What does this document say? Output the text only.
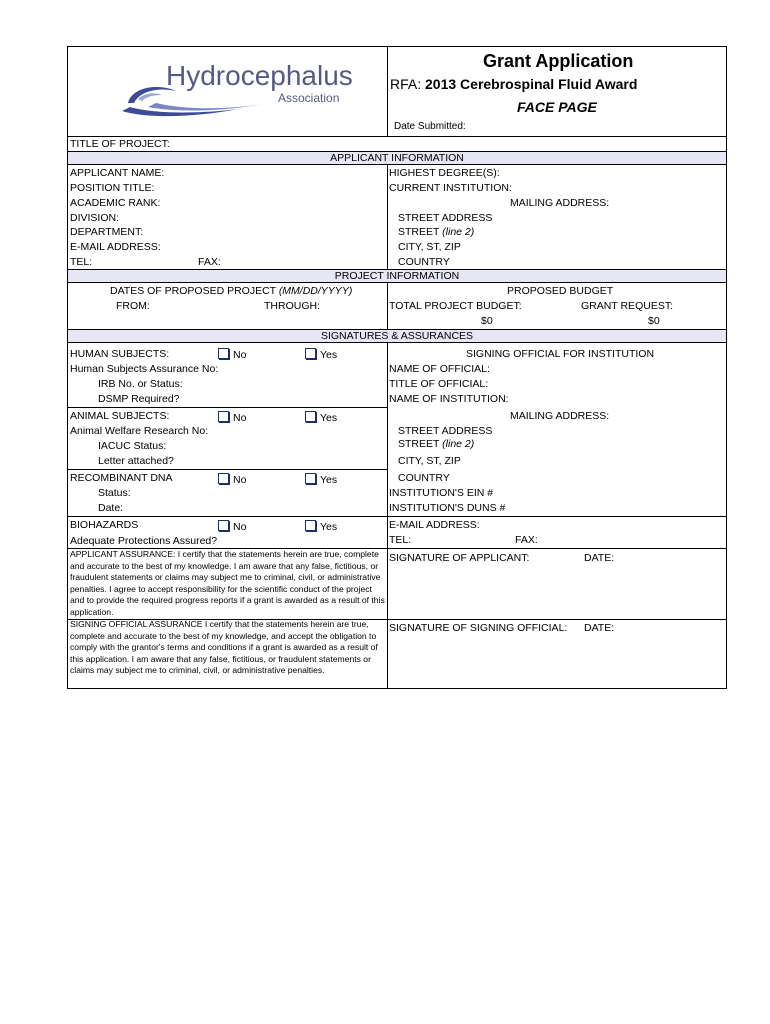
Hydrocephalus
Association
Grant Application
RFA: 2013 Cerebrospinal Fluid Award
FACE PAGE
Date Submitted:
TITLE OF PROJECT:
APPLICANT INFORMATION
APPLICANT NAME:
POSITION TITLE:
ACADEMIC RANK:
DIVISION:
DEPARTMENT:
E-MAIL ADDRESS:
TEL:	FAX:
HIGHEST DEGREE(S):
CURRENT INSTITUTION:
MAILING ADDRESS:
STREET ADDRESS
STREET (line 2)
CITY, ST, ZIP
COUNTRY
PROJECT INFORMATION
DATES OF PROPOSED PROJECT (MM/DD/YYYY)
FROM:	THROUGH:
PROPOSED BUDGET
TOTAL PROJECT BUDGET:	GRANT REQUEST:
$0	$0
SIGNATURES & ASSURANCES
HUMAN SUBJECTS:	No	Yes
Human Subjects Assurance No:
IRB No. or Status:
DSMP Required?
ANIMAL SUBJECTS:	No	Yes
Animal Welfare Research No:
IACUC Status:
Letter attached?
RECOMBINANT DNA	No	Yes
Status:
Date:
BIOHAZARDS	No	Yes
Adequate Protections Assured?
SIGNING OFFICIAL FOR INSTITUTION
NAME OF OFFICIAL:
TITLE OF OFFICIAL:
NAME OF INSTITUTION:
MAILING ADDRESS:
STREET ADDRESS
STREET (line 2)
CITY, ST, ZIP
COUNTRY
INSTITUTION'S EIN #
INSTITUTION'S DUNS #
E-MAIL ADDRESS:
TEL:	FAX:
APPLICANT ASSURANCE: I certify that the statements herein are true, complete and accurate to the best of my knowledge. I am aware that any false, fictitious, or fraudulent statements or claims may subject me to criminal, civil, or administrative penalties. I agree to accept responsibility for the scientific conduct of the project and to provide the required progress reports if a grant is awarded as a result of this application.
SIGNATURE OF APPLICANT:	DATE:
SIGNING OFFICIAL ASSURANCE I certify that the statements herein are true, complete and accurate to the best of my knowledge, and accept the obligation to comply with the grantor's terms and conditions if a grant is awarded as a result of this application. I am aware that any false, fictitious, or fraudulent statements or claims may subject me to criminal, civil, or administrative penalties.
SIGNATURE OF SIGNING OFFICIAL: DATE:
